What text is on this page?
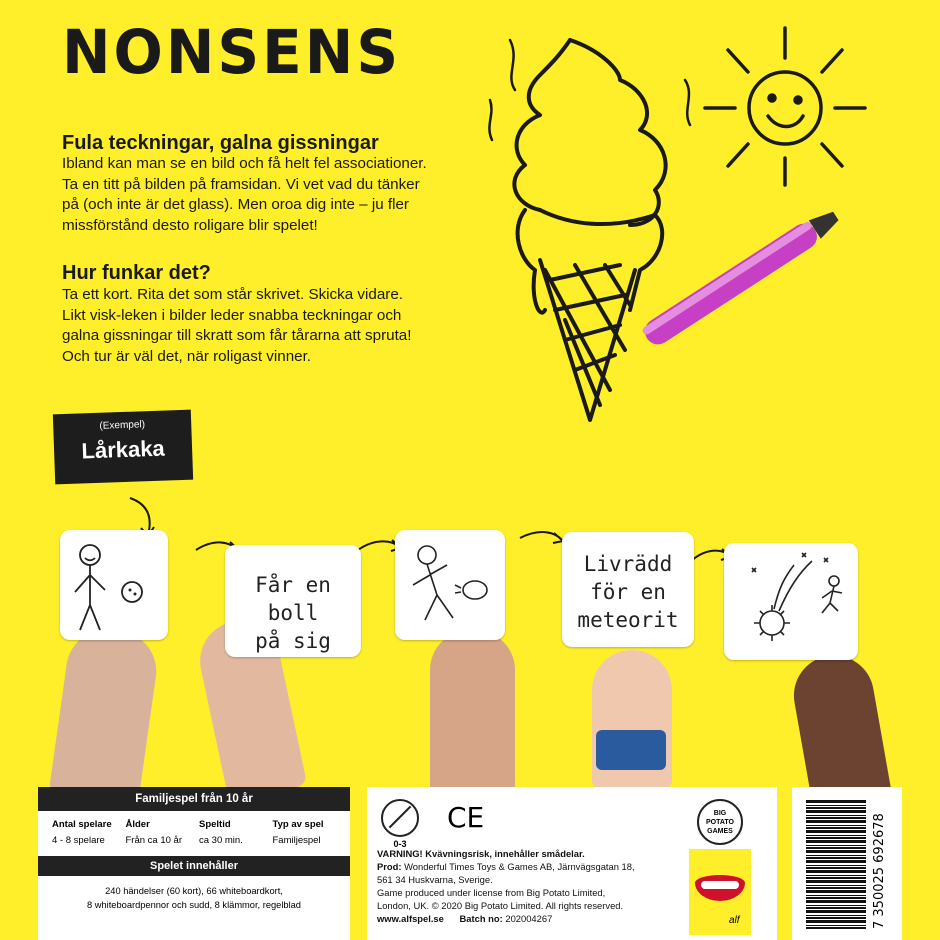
NONSENS
Fula teckningar, galna gissningar
Ibland kan man se en bild och få helt fel associationer.
Ta en titt på bilden på framsidan. Vi vet vad du tänker
på (och inte är det glass). Men oroa dig inte – ju fler
missförstånd desto roligare blir spelet!
Hur funkar det?
Ta ett kort. Rita det som står skrivet. Skicka vidare.
Likt visk-leken i bilder leder snabba teckningar och
galna gissningar till skratt som får tårarna att spruta!
Och tur är väl det, när roligast vinner.
(Exempel)
Lårkaka
Får en boll
på sig
Livrädd
för en
meteorit
Familjespel från 10 år
Antal spelare
4 - 8 spelare
Ålder
Från ca 10 år
Speltid
ca 30 min.
Typ av spel
Familjespel
Spelet innehåller
240 händelser (60 kort), 66 whiteboardkort,
8 whiteboardpennor och sudd, 8 klämmor, regelblad
0-3
CE	BIG POTATO GAMES
alf
VARNING! Kvävningsrisk, innehåller smådelar.
Prod: Wonderful Times Toys & Games AB, Järnvägsgatan 18,
561 34 Huskvarna, Sverige.
Game produced under license from Big Potato Limited,
London, UK. © 2020 Big Potato Limited. All rights reserved.
www.alfspel.se Batch no: 202004267	7 350025 692678
